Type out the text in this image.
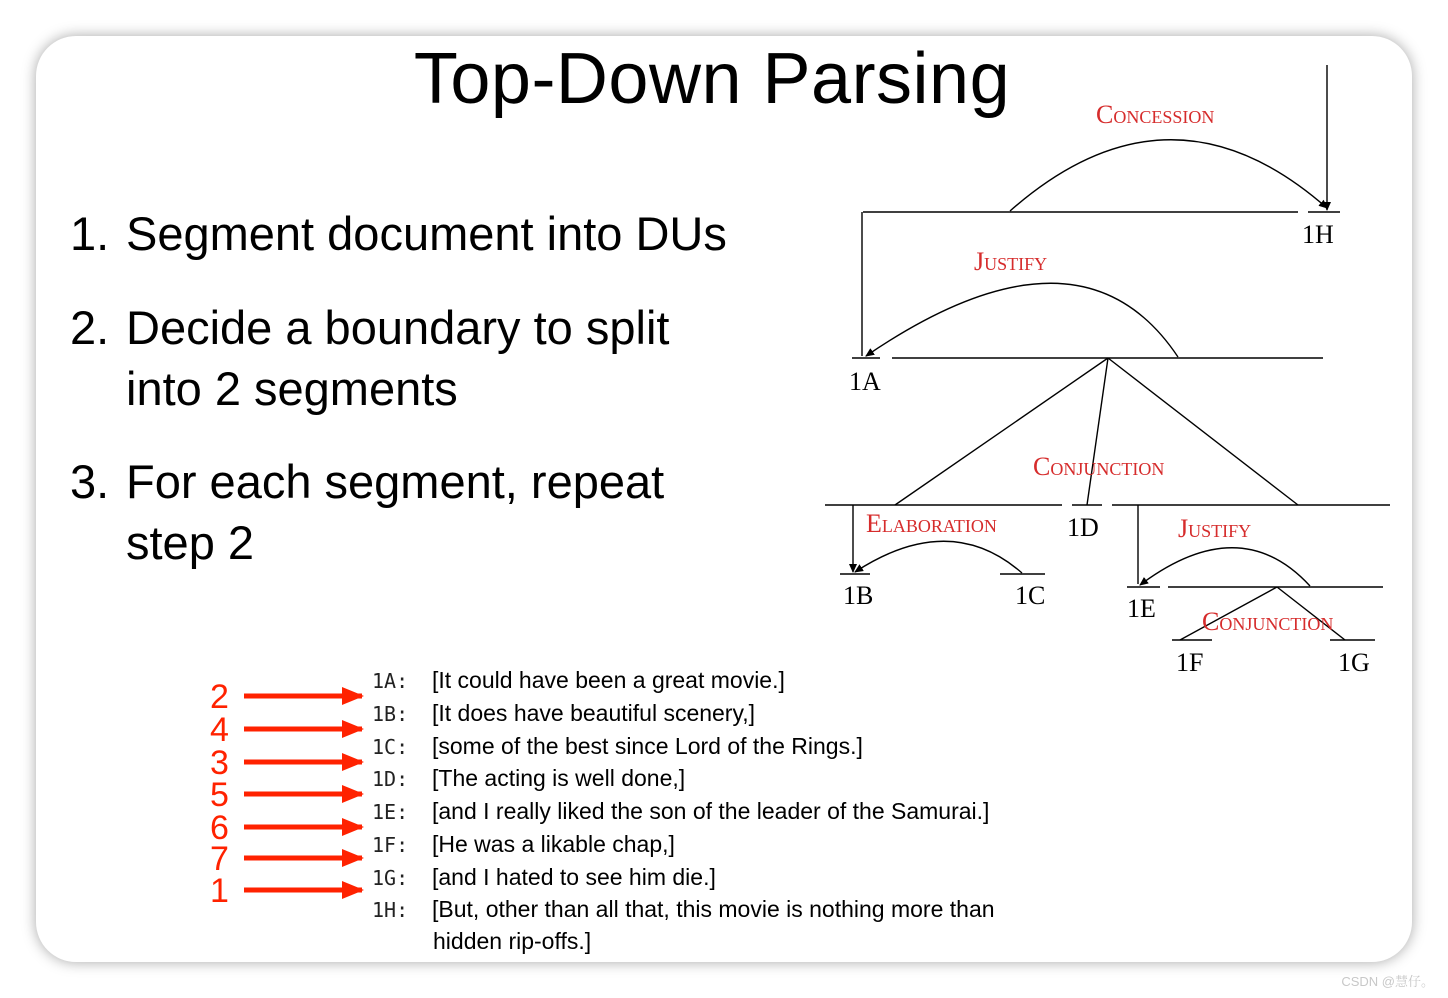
Top-Down Parsing
1. Segment document into DUs
2. Decide a boundary to split
into 2 segments
3. For each segment, repeat
step 2
Concession
Justify
Conjunction
Elaboration	Justify
Conjunction
1H
1A
1B	1C
1D
1E
1F	1G
2
4
3
5
6
7
1
1A: [It could have been a great movie.]
1B: [It does have beautiful scenery,]
1C: [some of the best since Lord of the Rings.]
1D: [The acting is well done,]
1E: [and I really liked the son of the leader of the Samurai.]
1F: [He was a likable chap,]
1G: [and I hated to see him die.]
1H: [But, other than all that, this movie is nothing more than
hidden rip-offs.]
CSDN @慧仔。
